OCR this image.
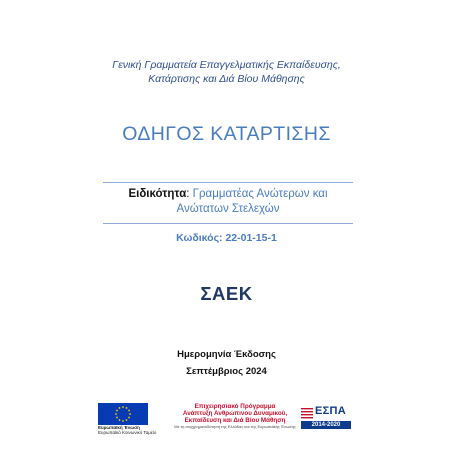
Γενική Γραμματεία Επαγγελματικής Εκπαίδευσης,
Κατάρτισης και Διά Βίου Μάθησης
ΟΔΗΓΟΣ ΚΑΤΑΡΤΙΣΗΣ
Ειδικότητα: Γραμματέας Ανώτερων και
Ανώτατων Στελεχών
Κωδικός: 22-01-15-1
ΣΑΕΚ
Ημερομηνία Έκδοσης
Σεπτέμβριος 2024
Ευρωπαϊκή Ένωση
Ευρωπαϊκό Κοινωνικό Ταμείο
Επιχειρησιακό Πρόγραμμα
Ανάπτυξη Ανθρώπινου Δυναμικού,
Εκπαίδευση και Διά Βίου Μάθηση
Με τη συγχρηματοδότηση της Ελλάδας και της Ευρωπαϊκής Ένωσης
ΕΣΠΑ
2014-2020
